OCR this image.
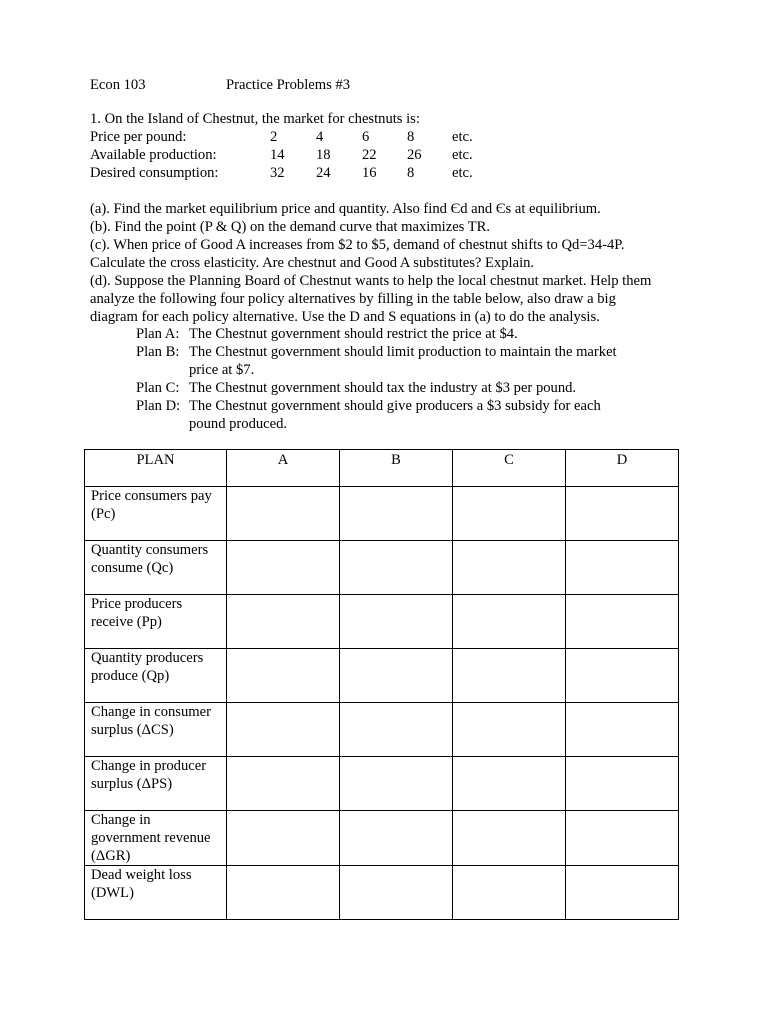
Econ 103	Practice Problems #3
1. On the Island of Chestnut, the market for chestnuts is:
Price per pound:	2	4	6	8	etc.
Available production:	14 18 22 26 etc.
Desired consumption:	32 24 16 8	etc.
(a). Find the market equilibrium price and quantity. Also find Єd and Єs at equilibrium.
(b). Find the point (P & Q) on the demand curve that maximizes TR.
(c). When price of Good A increases from $2 to $5, demand of chestnut shifts to Qd=34-4P.
Calculate the cross elasticity. Are chestnut and Good A substitutes? Explain.
(d). Suppose the Planning Board of Chestnut wants to help the local chestnut market. Help them
analyze the following four policy alternatives by filling in the table below, also draw a big
diagram for each policy alternative. Use the D and S equations in (a) to do the analysis.
Plan A: The Chestnut government should restrict the price at $4.
Plan B: The Chestnut government should limit production to maintain the market
price at $7.
Plan C: The Chestnut government should tax the industry at $3 per pound.
Plan D: The Chestnut government should give producers a $3 subsidy for each
pound produced.
PLAN	A	B	C	D

Price consumers pay (Pc)				

Quantity consumers consume (Qc)				

Price producers receive (Pp)				

Quantity producers produce (Qp)				

Change in consumer surplus (ΔCS)				

Change in producer surplus (ΔPS)				

Change in government revenue (ΔGR)				

Dead weight loss (DWL)				
